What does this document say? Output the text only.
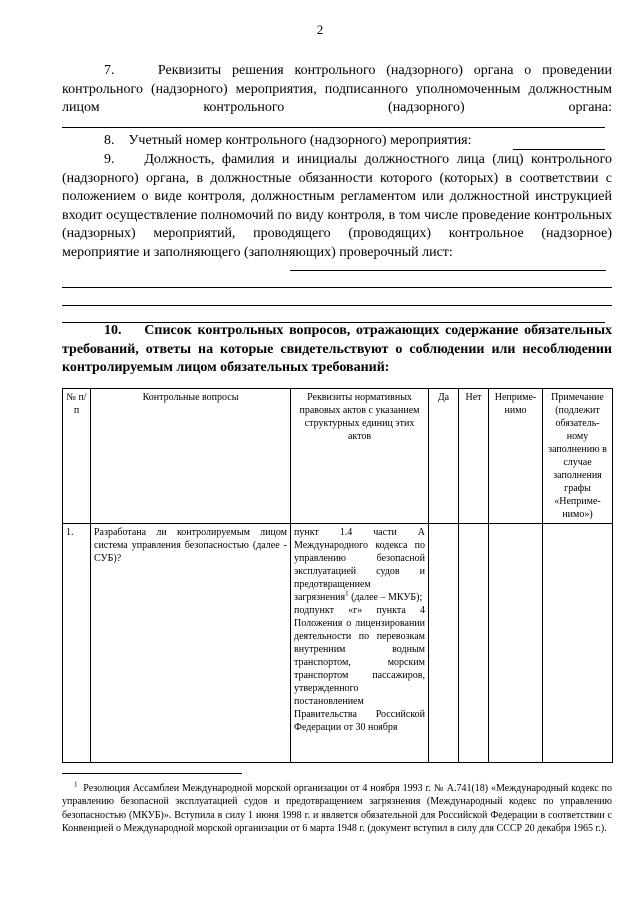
2
7.	Реквизиты решения контрольного (надзорного) органа о проведении контрольного (надзорного) мероприятия, подписанного уполномоченным должностным лицом контрольного (надзорного) органа:
8. Учетный номер контрольного (надзорного) мероприятия:
9. Должность, фамилия и инициалы должностного лица (лиц) контрольного (надзорного) органа, в должностные обязанности которого (которых) в соответствии с положением о виде контроля, должностным регламентом или должностной инструкцией входит осуществление полномочий по виду контроля, в том числе проведение контрольных (надзорных) мероприятий, проводящего (проводящих) контрольное (надзорное) мероприятие и заполняющего (заполняющих) проверочный лист:
10. Список контрольных вопросов, отражающих содержание обязательных требований, ответы на которые свидетельствуют о соблюдении или несоблюдении контролируемым лицом обязательных требований:
№ п/п	Контрольные вопросы	Реквизиты нормативных правовых актов с указанием структурных единиц этих актов	Да	Нет	Неприме-нимо	Примечание (подлежит обязатель-ному заполнению в случае заполнения графы «Неприме-нимо»)
1.	Разработана ли контролируемым лицом система управления безопасностью (далее - СУБ)?	пункт 1.4 части А Международного кодекса по управлению безопасной эксплуатацией судов и предотвращением загрязнения$^1$ (далее – МКУБ);
подпункт «г» пункта 4 Положения о лицензировании деятельности по перевозкам внутренним водным транспортом, морским транспортом пассажиров, утвержденного постановлением Правительства Российской Федерации от 30 ноября				
$^1$ Резолюция Ассамблеи Международной морской организации от 4 ноября 1993 г. № A.741(18) «Международный кодекс по управлению безопасной эксплуатацией судов и предотвращением загрязнения (Международный кодекс по управлению безопасностью (МКУБ)». Вступила в силу 1 июня 1998 г. и является обязательной для Российской Федерации в соответствии с Конвенцией о Международной морской организации от 6 марта 1948 г. (документ вступил в силу для СССР 20 декабря 1965 г.).
